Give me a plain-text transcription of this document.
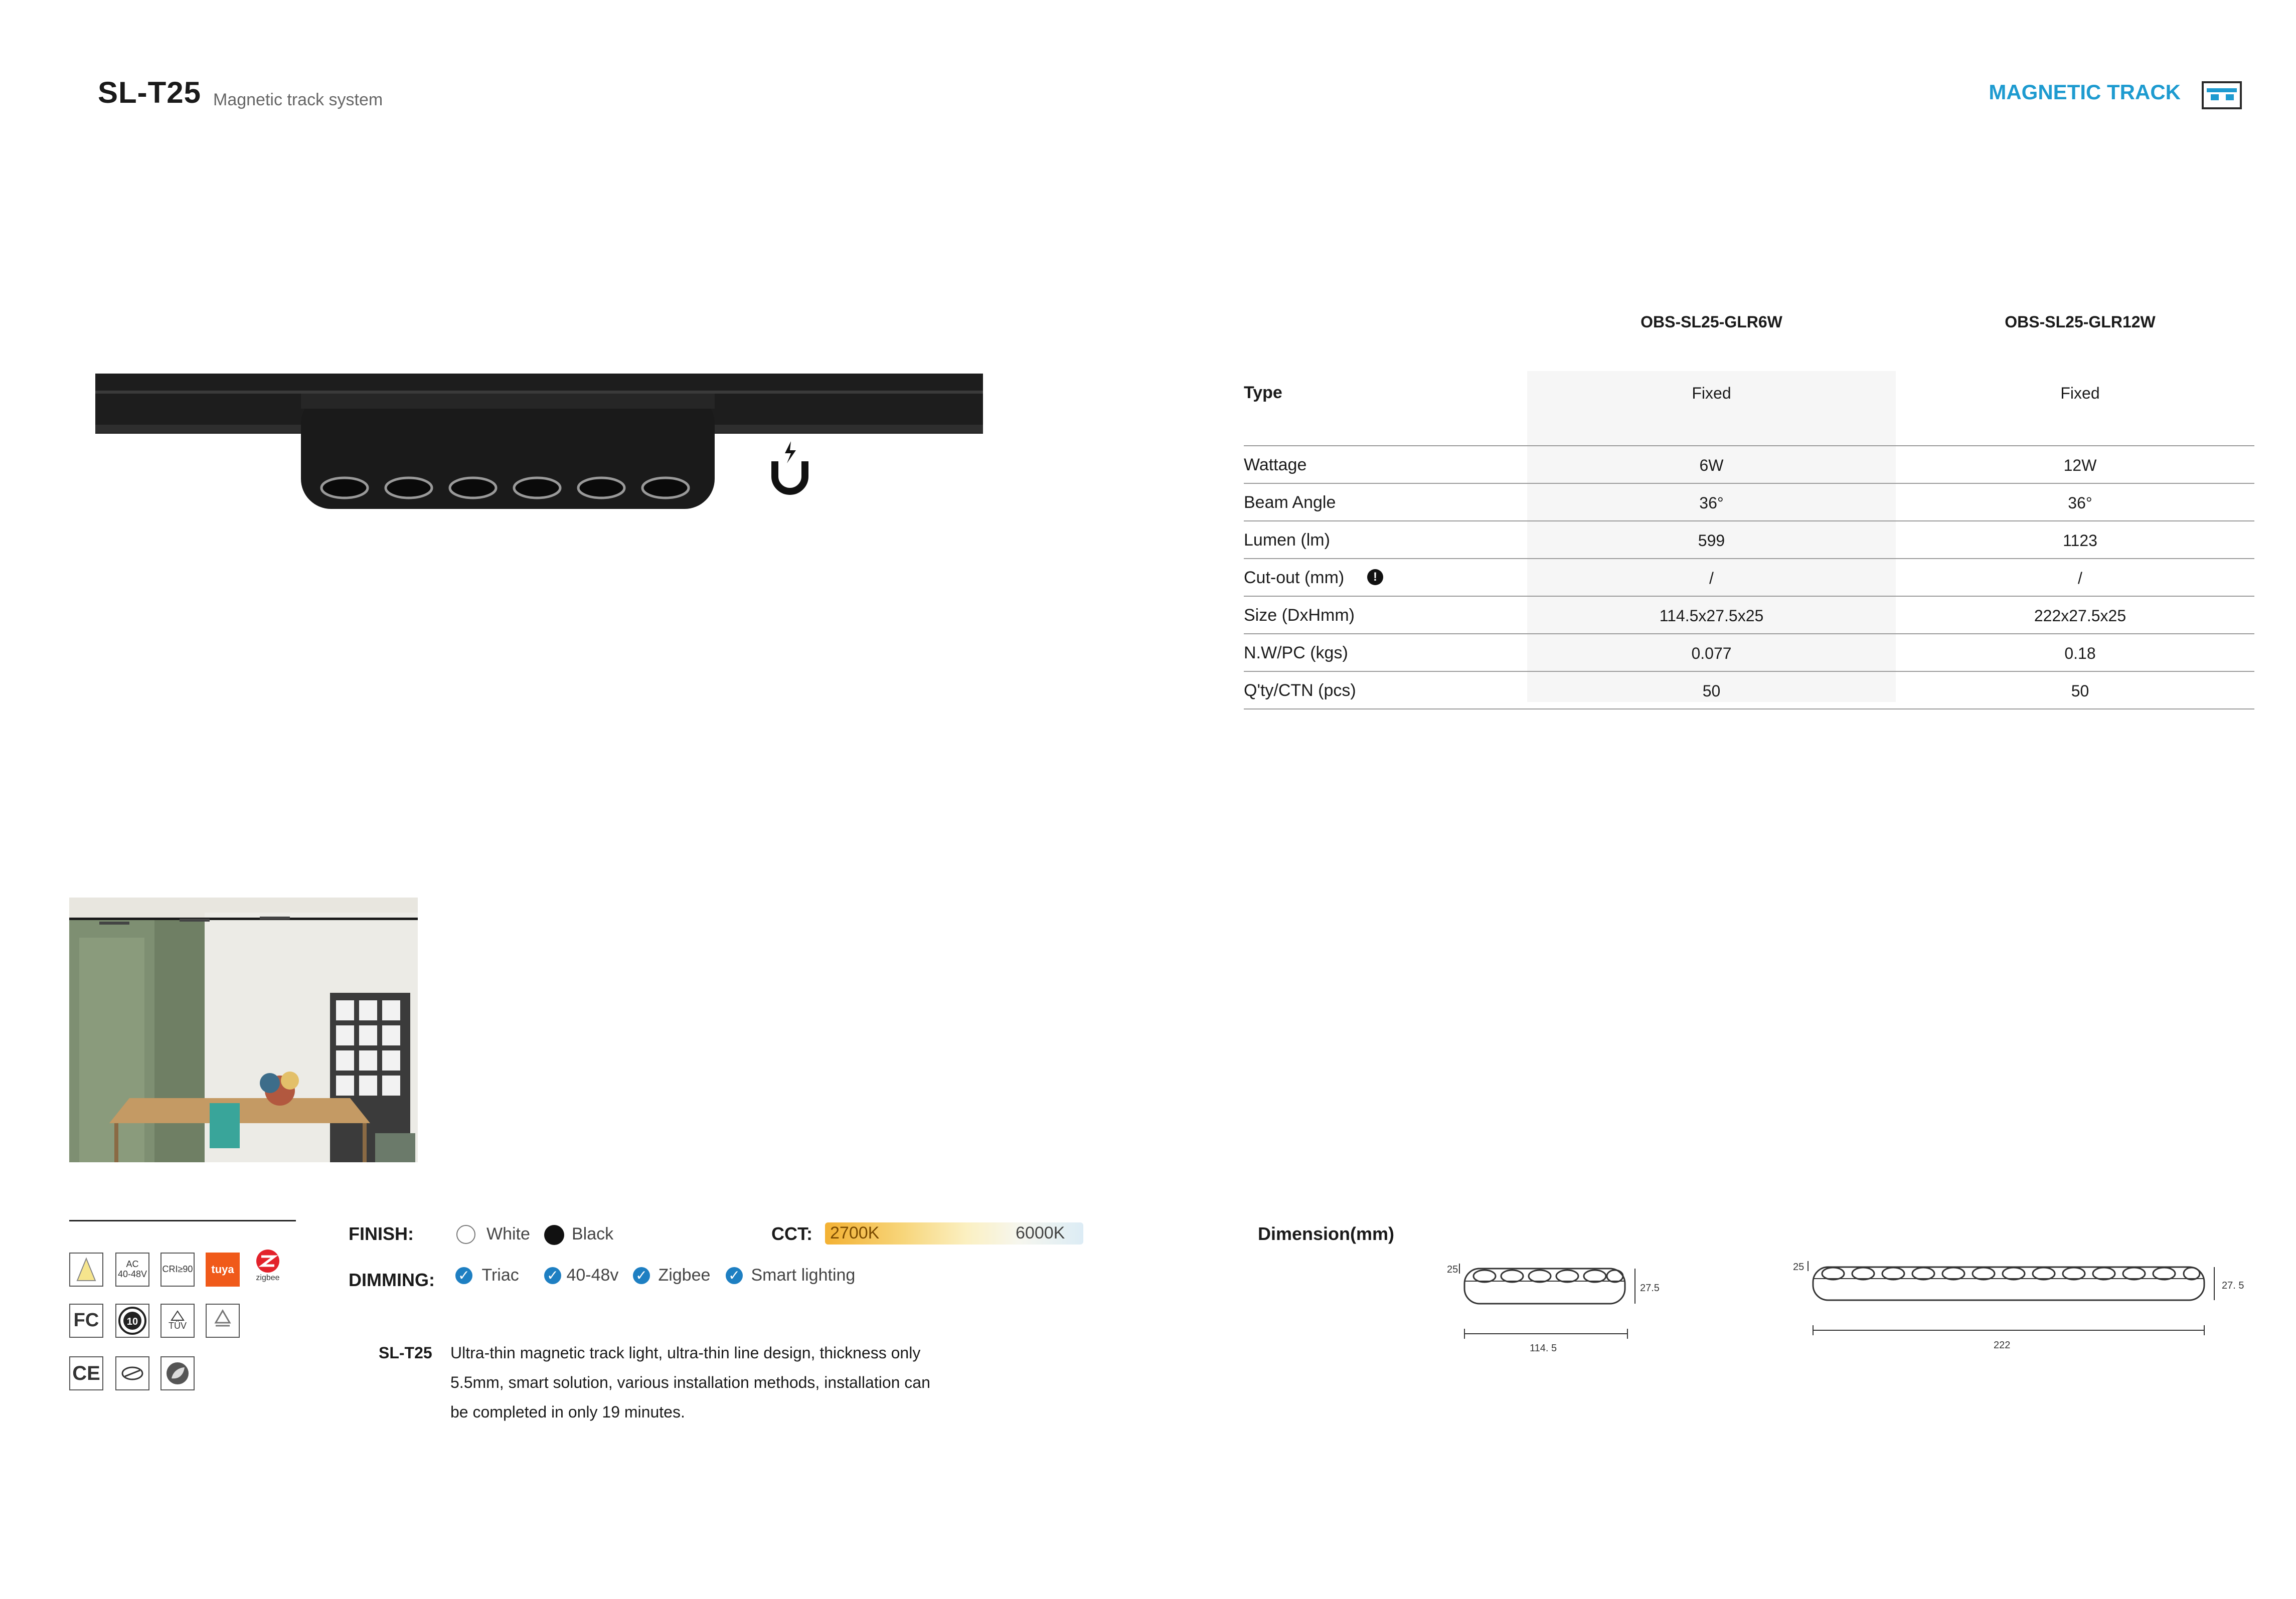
SL-T25 Magnetic track system	MAGNETIC TRACK
OBS-SL25-GLR6W	OBS-SL25-GLR12W
Type	Fixed	Fixed
Wattage	6W	12W
Beam Angle	36°	36°
Lumen (lm)	599	1123
Cut-out (mm)	!	/	/
Size (DxHmm)	114.5x27.5x25	222x27.5x25
N.W/PC (kgs)	0.077	0.18
Q'ty/CTN (pcs)	50	50
AC
40-48V CRI≥90	tuya
zigbee
FC	10	TÜV
CE
FINISH:	White Black	CCT: 2700K	6000K
DIMMING: ✓ Triac ✓ 40-48v ✓ Zigbee ✓ Smart lighting
SL-T25 Ultra-thin magnetic track light, ultra-thin line design, thickness only
5.5mm, smart solution, various installation methods, installation can
be completed in only 19 minutes.
Dimension(mm)
25
27.5
114. 5
25
27. 5
222
